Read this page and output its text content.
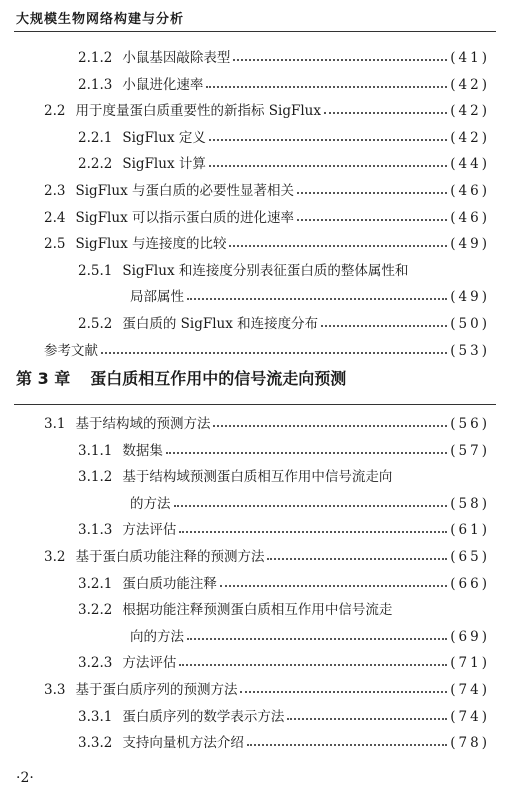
大规模生物网络构建与分析
2.1.2 小鼠基因敲除表型	(41)
2.1.3 小鼠进化速率	(42)
2.2 用于度量蛋白质重要性的新指标 SigFlux	(42)
2.2.1 SigFlux 定义	(42)
2.2.2 SigFlux 计算	(44)
2.3 SigFlux 与蛋白质的必要性显著相关	(46)
2.4 SigFlux 可以指示蛋白质的进化速率	(46)
2.5 SigFlux 与连接度的比较	(49)
2.5.1 SigFlux 和连接度分别表征蛋白质的整体属性和
局部属性	(49)
2.5.2 蛋白质的 SigFlux 和连接度分布	(50)
参考文献	(53)
第 3 章 蛋白质相互作用中的信号流走向预测
3.1 基于结构域的预测方法	(56)
3.1.1 数据集	(57)
3.1.2 基于结构域预测蛋白质相互作用中信号流走向
的方法	(58)
3.1.3 方法评估	(61)
3.2 基于蛋白质功能注释的预测方法	(65)
3.2.1 蛋白质功能注释	(66)
3.2.2 根据功能注释预测蛋白质相互作用中信号流走
向的方法	(69)
3.2.3 方法评估	(71)
3.3 基于蛋白质序列的预测方法	(74)
3.3.1 蛋白质序列的数学表示方法	(74)
3.3.2 支持向量机方法介绍	(78)
·2·
